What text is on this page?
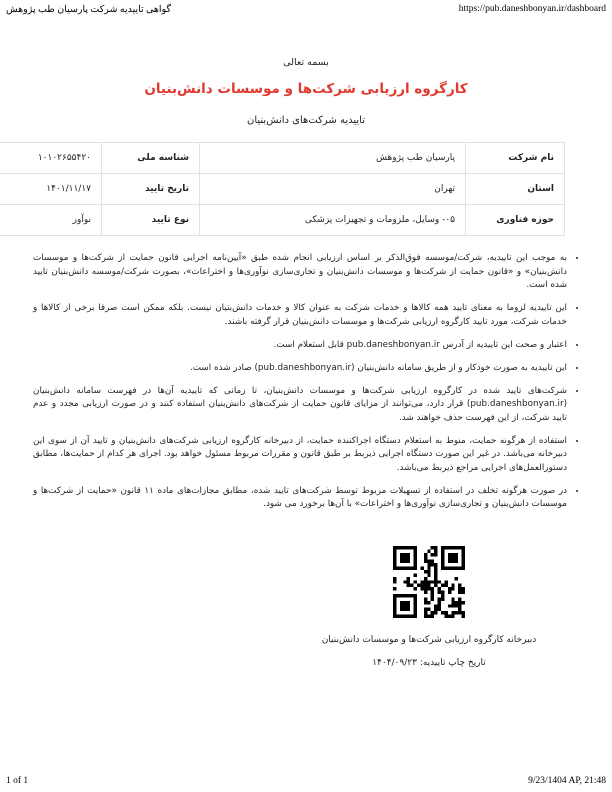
گواهی تاییدیه شرکت پارسیان طب پژوهش	https://pub.daneshbonyan.ir/dashboard
بسمه تعالی
کارگروه ارزیابی شرکت‌ها و موسسات دانش‌بنیان
تاییدیه شرکت‌های دانش‌بنیان
نام شرکت	پارسیان طب پژوهش	شناسه ملی	۱۰۱۰۲۶۵۵۴۲۰
استان	تهران	تاریخ تایید	۱۴۰۱/۱۱/۱۷
حوزه فناوری	۰۵- وسایل، ملزومات و تجهیزات پزشکی	نوع تایید	نوآور
• به موجب این تاییدیه، شرکت/موسسه فوق‌الذکر بر اساس ارزیابی انجام شده طبق «آیین‌نامه اجرایی قانون حمایت از شرکت‌ها و موسسات دانش‌بنیان» و «قانون حمایت از شرکت‌ها و موسسات دانش‌بنیان و تجاری‌سازی نوآوری‌ها و اختراعات»، بصورت شرکت/موسسه دانش‌بنیان تایید شده است.
• این تاییدیه لزوما به معنای تایید همه کالاها و خدمات شرکت به عنوان کالا و خدمات دانش‌بنیان نیست. بلکه ممکن است صرفا برخی از کالاها و خدمات شرکت، مورد تایید کارگروه ارزیابی شرکت‌ها و موسسات دانش‌بنیان قرار گرفته باشند.
• اعتبار و صحت این تاییدیه از آدرس pub.daneshbonyan.ir قابل استعلام است.
• این تاییدیه به صورت خودکار و از طریق سامانه دانش‌بنیان (pub.daneshbonyan.ir) صادر شده است.
• شرکت‌های تایید شده در کارگروه ارزیابی شرکت‌ها و موسسات دانش‌بنیان، تا زمانی که تاییدیه آن‌ها در فهرست سامانه دانش‌بنیان (pub.daneshbonyan.ir) قرار دارد، می‌توانند از مزایای قانون حمایت از شرکت‌های دانش‌بنیان استفاده کنند و در صورت ارزیابی مجدد و عدم تایید شرکت، از این فهرست حذف خواهند شد.
• استفاده از هرگونه حمایت، منوط به استعلام دستگاه اجراکننده حمایت، از دبیرخانه کارگروه ارزیابی شرکت‌های دانش‌بنیان و تایید آن از سوی این دبیرخانه می‌باشد. در غیر این صورت دستگاه اجرایی ذیربط بر طبق قانون و مقررات مربوط مسئول خواهد بود. اجرای هر کدام از حمایت‌ها، مطابق دستورالعمل‌های اجرایی مراجع ذیربط می‌باشد.
• در صورت هرگونه تخلف در استفاده از تسهیلات مربوط توسط شرکت‌های تایید شده، مطابق مجازات‌های ماده ۱۱ قانون «حمایت از شرکت‌ها و موسسات دانش‌بنیان و تجاری‌سازی نوآوری‌ها و اختراعات» با آن‌ها برخورد می شود.
دبیرخانه کارگروه ارزیابی شرکت‌ها و موسسات دانش‌بنیان
تاریخ چاپ تاییدیه: ۱۴۰۴/۰۹/۲۳
1 of 1	9/23/1404 AP, 21:48
